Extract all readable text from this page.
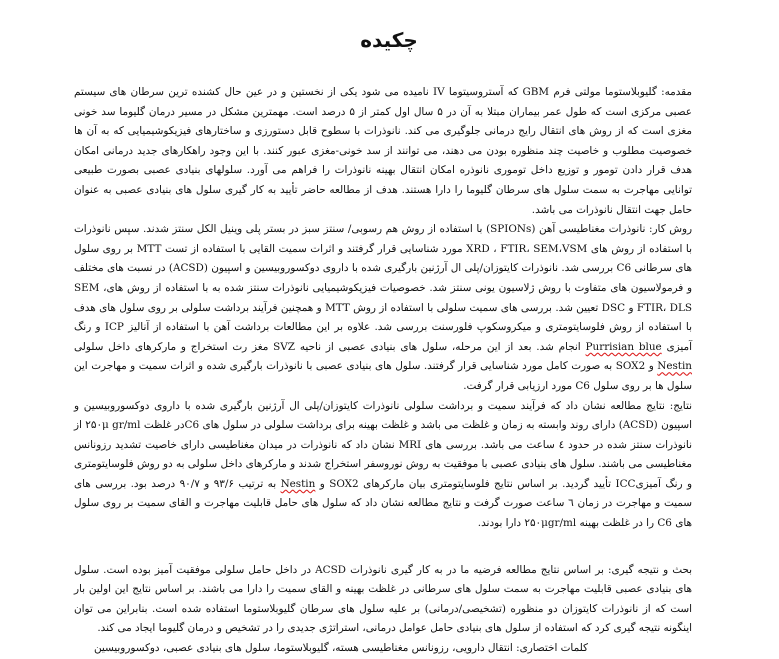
چکیده

مقدمه: گلیوبلاستوما مولتی فرم GBM که آستروسیتوما IV نامیده می شود یکی از نخستین و در عین حال کشنده ترین سرطان های سیستم عصبی مرکزی است که طول عمر بیماران مبتلا به آن در ۵ سال اول کمتر از ۵ درصد است. مهمترین مشکل در مسیر درمان گلیوما سد خونی مغزی است که از روش های انتقال رایج درمانی جلوگیری می کند. نانوذرات با سطوح قابل دستورزی و ساختارهای فیزیکوشیمیایی که به آن ها خصوصیت مطلوب و خاصیت چند منظوره بودن می دهند، می توانند از سد خونی-مغزی عبور کنند. با این وجود راهکارهای جدید درمانی امکان هدف قرار دادن تومور و توزیع داخل توموری نانوذره امکان انتقال بهینه نانوذرات را فراهم می آورد. سلولهای بنیادی عصبی بصورت طبیعی توانایی مهاجرت به سمت سلول های سرطان گلیوما را دارا هستند. هدف از مطالعه حاضر تأیید به کار گیری سلول های بنیادی عصبی به عنوان حامل جهت انتقال نانوذرات می باشد.

روش کار: نانوذرات مغناطیسی آهن (SPIONs) با استفاده از روش هم رسوبی/ سنتز سبز در بستر پلی وینیل الکل سنتز شدند. سپس نانوذرات با استفاده از روش های XRD ، FTIR، SEM،VSM مورد شناسایی قرار گرفتند و اثرات سمیت القایی با استفاده از تست MTT بر روی سلول های سرطانی C6 بررسی شد. نانوذرات کایتوزان/پلی ال آرژنین بارگیری شده با داروی دوکسوروبیسین و اسپیون (ACSD) در نسبت های مختلف و فرمولاسیون های متفاوت با روش ژلاسیون یونی سنتز شد. خصوصیات فیزیکوشیمیایی نانوذرات سنتز شده به با استفاده از روش هایSEM ، FTIR، DLS و DSC تعیین شد. بررسی های سمیت سلولی با استفاده از روش MTT و همچنین فرآیند برداشت سلولی بر روی سلول های هدف با استفاده از روش فلوسایتومتری و میکروسکوپ فلورسنت بررسی شد. علاوه بر این مطالعات برداشت آهن با استفاده از آنالیز ICP و رنگ آمیزی Purrisian blue انجام شد. بعد از این مرحله، سلول های بنیادی عصبی از ناحیه SVZ مغز رت استخراج و مارکرهای داخل سلولی Nestin و SOX2 به صورت کامل مورد شناسایی قرار گرفتند. سلول های بنیادی عصبی با نانوذرات بارگیری شده و اثرات سمیت و مهاجرت این سلول ها بر روی سلول C6 مورد ارزیابی قرار گرفت.

نتایج: نتایج مطالعه نشان داد که فرآیند سمیت و برداشت سلولی نانوذرات کایتوزان/پلی ال آرژنین بارگیری شده با داروی دوکسوروبیسین و اسپیون (ACSD) دارای روند وابسته به زمان و غلظت می باشد و غلظت بهینه برای برداشت سلولی در سلول های C6در غلظت ۲۵۰μ gr/ml از نانوذرات سنتز شده در حدود ٤ ساعت می باشد. بررسی های MRI نشان داد که نانوذرات در میدان مغناطیسی دارای خاصیت تشدید رزونانس مغناطیسی می باشند. سلول های بنیادی عصبی با موفقیت به روش نوروسفر استخراج شدند و مارکرهای داخل سلولی به دو روش فلوسایتومتری و رنگ آمیزیICC تأیید گردید. بر اساس نتایج فلوسایتومتری بیان مارکرهای SOX2 و Nestin به ترتیب ۹۳/۶ و ۹۰/۷ درصد بود. بررسی های سمیت و مهاجرت در زمان ٦ ساعت صورت گرفت و نتایج مطالعه نشان داد که سلول های حامل قابلیت مهاجرت و القای سمیت بر روی سلول های C6 را در غلظت بهینه ۲۵۰μgr/ml دارا بودند.

بحث و نتیجه گیری: بر اساس نتایج مطالعه فرضیه ما در به کار گیری نانوذرات ACSD در داخل حامل سلولی موفقیت آمیز بوده است. سلول های بنیادی عصبی قابلیت مهاجرت به سمت سلول های سرطانی در غلظت بهینه و القای سمیت را دارا می باشند. بر اساس نتایج این اولین بار است که از نانوذرات کایتوزان دو منظوره (تشخیصی/درمانی) بر علیه سلول های سرطان گلیوبلاستوما استفاده شده است. بنابراین می توان اینگونه نتیجه گیری کرد که استفاده از سلول های بنیادی حامل عوامل درمانی، استراتژی جدیدی را در تشخیص و درمان گلیوما ایجاد می کند.

کلمات اختصاری: انتقال دارویی، رزونانس مغناطیسی هسته، گلیوبلاستوما، سلول های بنیادی عصبی، دوکسوروبیسین
